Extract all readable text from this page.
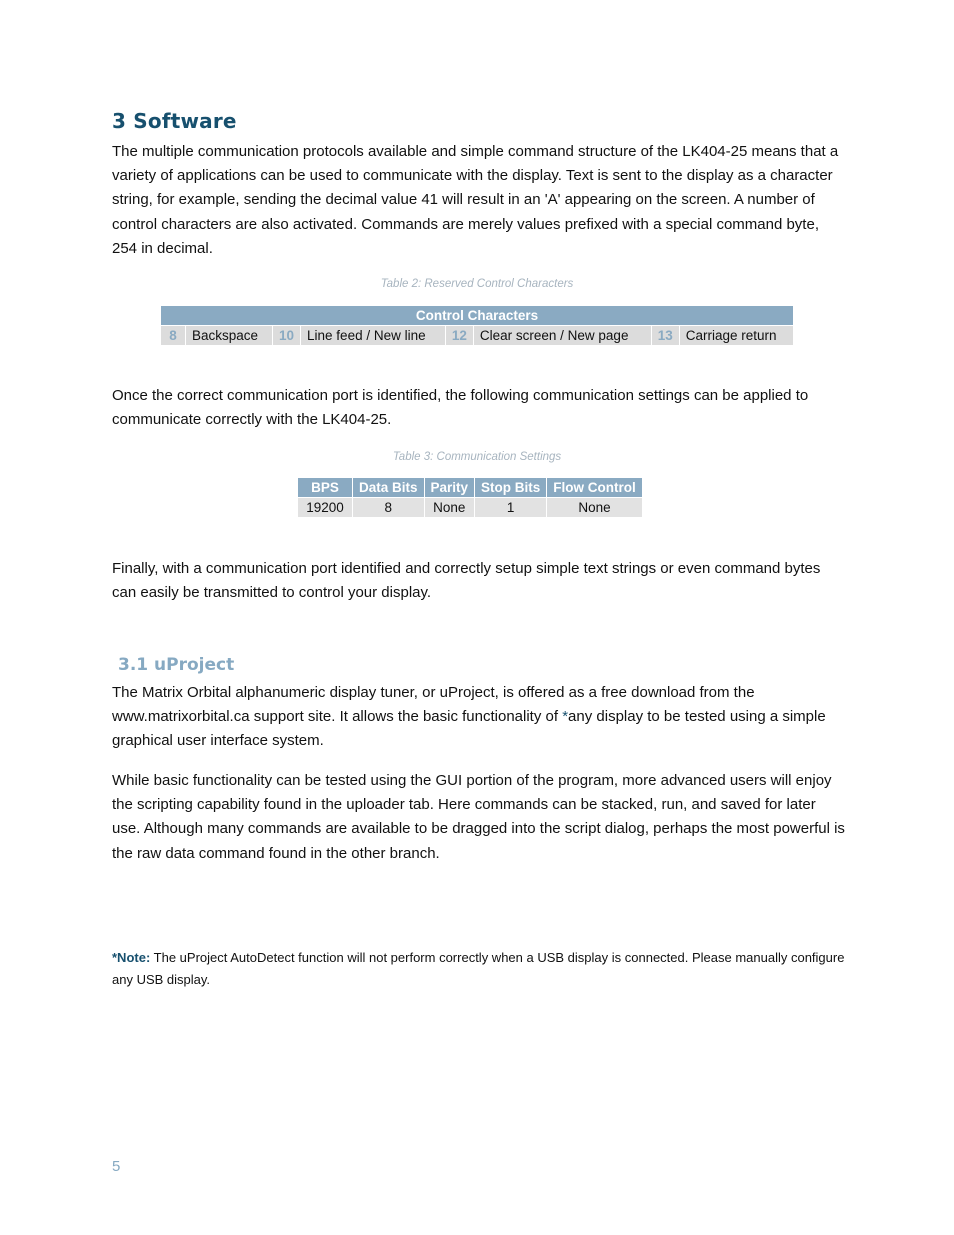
3 Software

The multiple communication protocols available and simple command structure of the LK404-25 means that a variety of applications can be used to communicate with the display. Text is sent to the display as a character string, for example, sending the decimal value 41 will result in an 'A' appearing on the screen. A number of control characters are also activated. Commands are merely values prefixed with a special command byte, 254 in decimal.

Table 2: Reserved Control Characters

Control Characters
8	Backspace	10	Line feed / New line	12	Clear screen / New page	13	Carriage return

Once the correct communication port is identified, the following communication settings can be applied to communicate correctly with the LK404-25.

Table 3: Communication Settings

BPS	Data Bits	Parity	Stop Bits	Flow Control
19200	8	None	1	None

Finally, with a communication port identified and correctly setup simple text strings or even command bytes can easily be transmitted to control your display.

3.1 uProject

The Matrix Orbital alphanumeric display tuner, or uProject, is offered as a free download from the www.matrixorbital.ca support site. It allows the basic functionality of *any display to be tested using a simple graphical user interface system.

While basic functionality can be tested using the GUI portion of the program, more advanced users will enjoy the scripting capability found in the uploader tab. Here commands can be stacked, run, and saved for later use. Although many commands are available to be dragged into the script dialog, perhaps the most powerful is the raw data command found in the other branch.

*Note: The uProject AutoDetect function will not perform correctly when a USB display is connected. Please manually configure any USB display.

5
